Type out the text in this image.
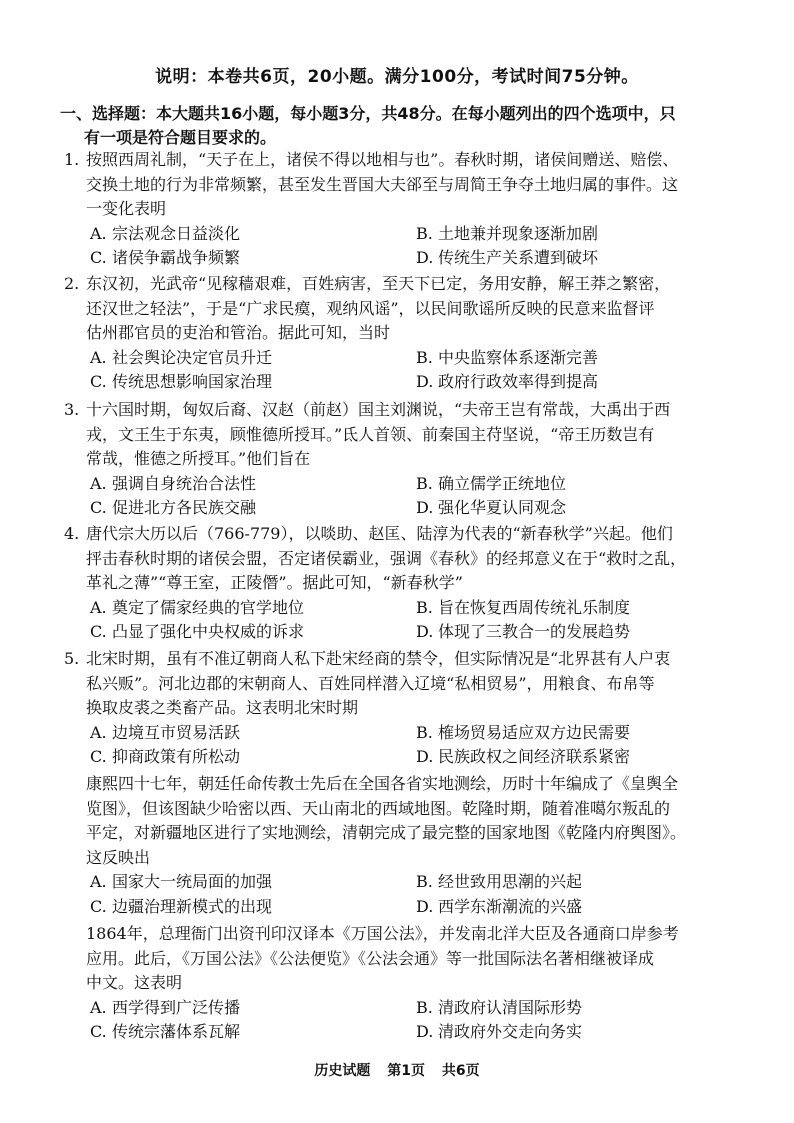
说明：本卷共6页，20小题。满分100分，考试时间75分钟。
一、选择题：本大题共16小题，每小题3分，共48分。在每小题列出的四个选项中，只
有一项是符合题目要求的。
1. 按照西周礼制，“天子在上，诸侯不得以地相与也”。春秋时期，诸侯间赠送、赔偿、
交换土地的行为非常频繁，甚至发生晋国大夫郤至与周简王争夺土地归属的事件。这
一变化表明
A. 宗法观念日益淡化	B. 土地兼并现象逐渐加剧
C. 诸侯争霸战争频繁	D. 传统生产关系遭到破坏
2. 东汉初，光武帝“见稼穑艰难，百姓病害，至天下已定，务用安静，解王莽之繁密，
还汉世之轻法”，于是“广求民瘼，观纳风谣”，以民间歌谣所反映的民意来监督评
估州郡官员的吏治和管治。据此可知，当时
A. 社会舆论决定官员升迁	B. 中央监察体系逐渐完善
C. 传统思想影响国家治理	D. 政府行政效率得到提高
3. 十六国时期，匈奴后裔、汉赵（前赵）国主刘渊说，“夫帝王岂有常哉，大禹出于西
戎，文王生于东夷，顾惟德所授耳。”氐人首领、前秦国主苻坚说，“帝王历数岂有
常哉，惟德之所授耳。”他们旨在
A. 强调自身统治合法性	B. 确立儒学正统地位
C. 促进北方各民族交融	D. 强化华夏认同观念
4. 唐代宗大历以后（766-779），以啖助、赵匡、陆淳为代表的“新春秋学”兴起。他们
抨击春秋时期的诸侯会盟，否定诸侯霸业，强调《春秋》的经邦意义在于“救时之乱，
革礼之薄”“尊王室，正陵僭”。据此可知，“新春秋学”
A. 奠定了儒家经典的官学地位	B. 旨在恢复西周传统礼乐制度
C. 凸显了强化中央权威的诉求	D. 体现了三教合一的发展趋势
5. 北宋时期，虽有不准辽朝商人私下赴宋经商的禁令，但实际情况是“北界甚有人户衷
私兴贩”。河北边郡的宋朝商人、百姓同样潜入辽境“私相贸易”，用粮食、布帛等
换取皮裘之类畜产品。这表明北宋时期
A. 边境互市贸易活跃	B. 榷场贸易适应双方边民需要
C. 抑商政策有所松动	D. 民族政权之间经济联系紧密
康熙四十七年，朝廷任命传教士先后在全国各省实地测绘，历时十年编成了《皇舆全
览图》，但该图缺少哈密以西、天山南北的西域地图。乾隆时期，随着准噶尔叛乱的
平定，对新疆地区进行了实地测绘，清朝完成了最完整的国家地图《乾隆内府舆图》。
这反映出
A. 国家大一统局面的加强	B. 经世致用思潮的兴起
C. 边疆治理新模式的出现	D. 西学东渐潮流的兴盛
1864年，总理衙门出资刊印汉译本《万国公法》，并发南北洋大臣及各通商口岸参考
应用。此后，《万国公法》《公法便览》《公法会通》等一批国际法名著相继被译成
中文。这表明
A. 西学得到广泛传播	B. 清政府认清国际形势
C. 传统宗藩体系瓦解	D. 清政府外交走向务实
历史试题 第1页 共6页
